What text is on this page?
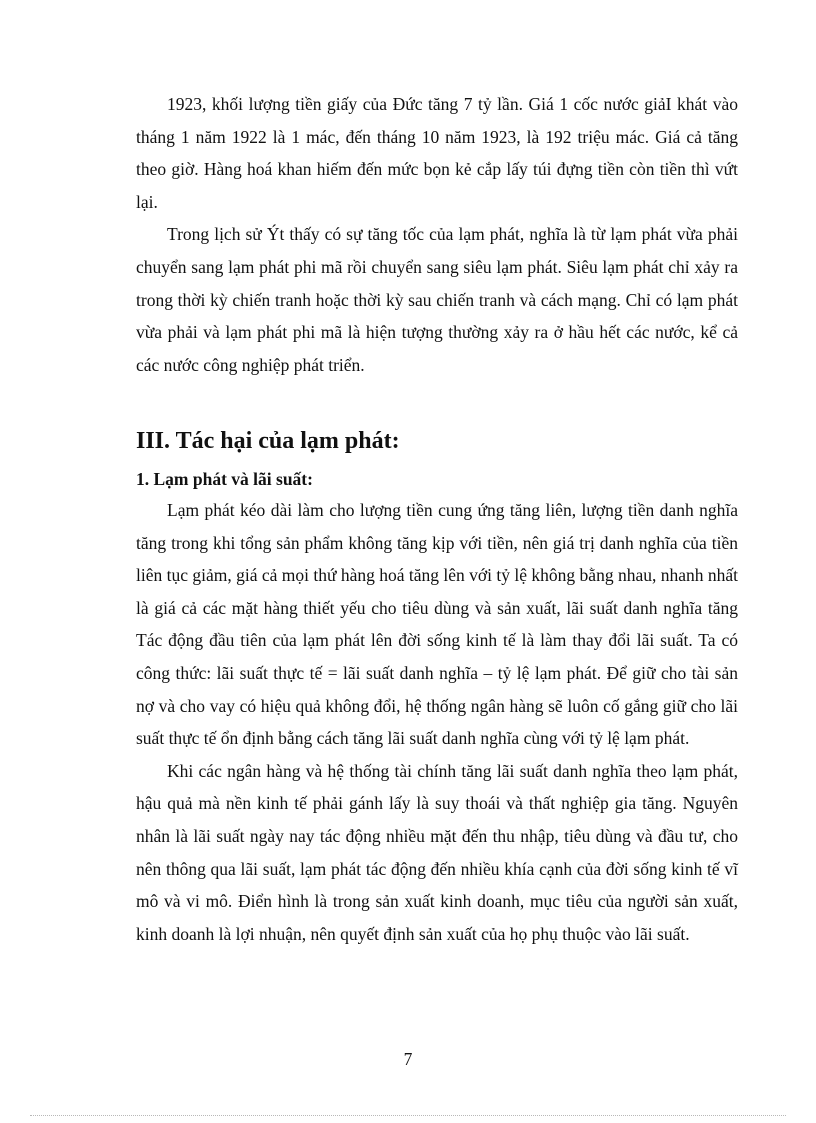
1923, khối lượng tiền giấy của Đức tăng 7 tỷ lần. Giá 1 cốc nước giảI khát vào tháng 1 năm 1922 là 1 mác, đến tháng 10 năm 1923, là 192 triệu mác. Giá cả tăng theo giờ. Hàng hoá khan hiếm đến mức bọn kẻ cắp lấy túi đựng tiền còn tiền thì vứt lại.

Trong lịch sử Ýt thấy có sự tăng tốc của lạm phát, nghĩa là từ lạm phát vừa phải chuyển sang lạm phát phi mã rồi chuyển sang siêu lạm phát. Siêu lạm phát chỉ xảy ra trong thời kỳ chiến tranh hoặc thời kỳ sau chiến tranh và cách mạng. Chỉ có lạm phát vừa phải và lạm phát phi mã là hiện tượng thường xảy ra ở hầu hết các nước, kể cả các nước công nghiệp phát triển.

III. Tác hại của lạm phát:
1. Lạm phát và lãi suất:

Lạm phát kéo dài làm cho lượng tiền cung ứng tăng liên, lượng tiền danh nghĩa tăng trong khi tổng sản phẩm không tăng kịp với tiền, nên giá trị danh nghĩa của tiền liên tục giảm, giá cả mọi thứ hàng hoá tăng lên với tỷ lệ không bằng nhau, nhanh nhất là giá cả các mặt hàng thiết yếu cho tiêu dùng và sản xuất, lãi suất danh nghĩa tăng Tác động đầu tiên của lạm phát lên đời sống kinh tế là làm thay đổi lãi suất. Ta có công thức: lãi suất thực tế = lãi suất danh nghĩa – tỷ lệ lạm phát. Để giữ cho tài sản nợ và cho vay có hiệu quả không đổi, hệ thống ngân hàng sẽ luôn cố gắng giữ cho lãi suất thực tế ổn định bằng cách tăng lãi suất danh nghĩa cùng với tỷ lệ lạm phát.

Khi các ngân hàng và hệ thống tài chính tăng lãi suất danh nghĩa theo lạm phát, hậu quả mà nền kinh tế phải gánh lấy là suy thoái và thất nghiệp gia tăng. Nguyên nhân là lãi suất ngày nay tác động nhiều mặt đến thu nhập, tiêu dùng và đầu tư, cho nên thông qua lãi suất, lạm phát tác động đến nhiều khía cạnh của đời sống kinh tế vĩ mô và vi mô. Điển hình là trong sản xuất kinh doanh, mục tiêu của người sản xuất, kinh doanh là lợi nhuận, nên quyết định sản xuất của họ phụ thuộc vào lãi suất.

7
